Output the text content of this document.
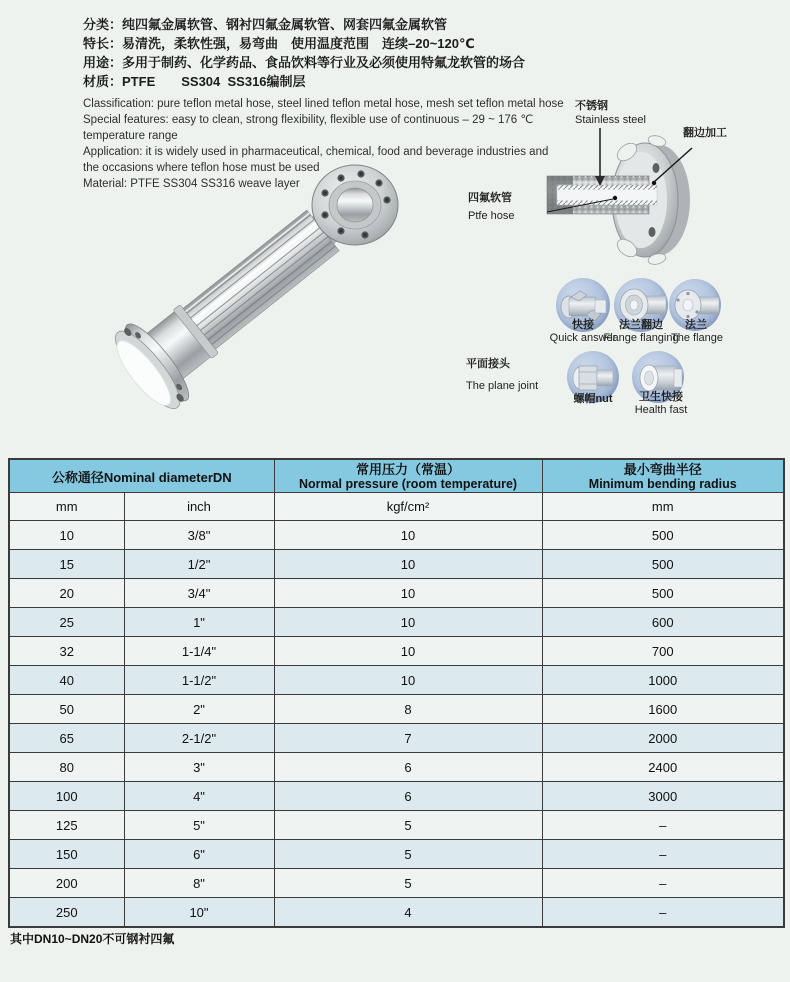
分类：纯四氟金属软管、钢衬四氟金属软管、网套四氟金属软管
特长：易清洗，柔软性强，易弯曲　使用温度范围　连续–20~120℃
用途：多用于制药、化学药品、食品饮料等行业及必须使用特氟龙软管的场合
材质：PTFE　　SS304  SS316编制层
Classification: pure teflon metal hose, steel lined teflon metal hose, mesh set teflon metal hose
Special features: easy to clean, strong flexibility, flexible use of continuous – 29 ~ 176 ℃
temperature range
Application: it is widely used in pharmaceutical, chemical, food and beverage industries and
the occasions where teflon hose must be used
Material: PTFE SS304 SS316 weave layer
不锈钢
Stainless steel
翻边加工
四氟软管
Ptfe hose
平面接头
The plane joint
快接 法兰翻边 法兰
Quick answer
Flange flanging
The flange
螺帽nut 卫生快接
Health fast
公称通径Nominal diameterDN		常用压力（常温）
Normal pressure (room temperature)	最小弯曲半径
Minimum bending radius

mm	inch	kgf/cm²	mm
10	3/8"	10	500
15	1/2"	10	500
20	3/4"	10	500
25	1"	10	600
32	1-1/4"	10	700
40	1-1/2"	10	1000
50	2"	8	1600
65	2-1/2"	7	2000
80	3"	6	2400
100	4"	6	3000
125	5"	5	–
150	6"	5	–
200	8"	5	–
250	10"	4	–
其中DN10~DN20不可钢衬四氟
